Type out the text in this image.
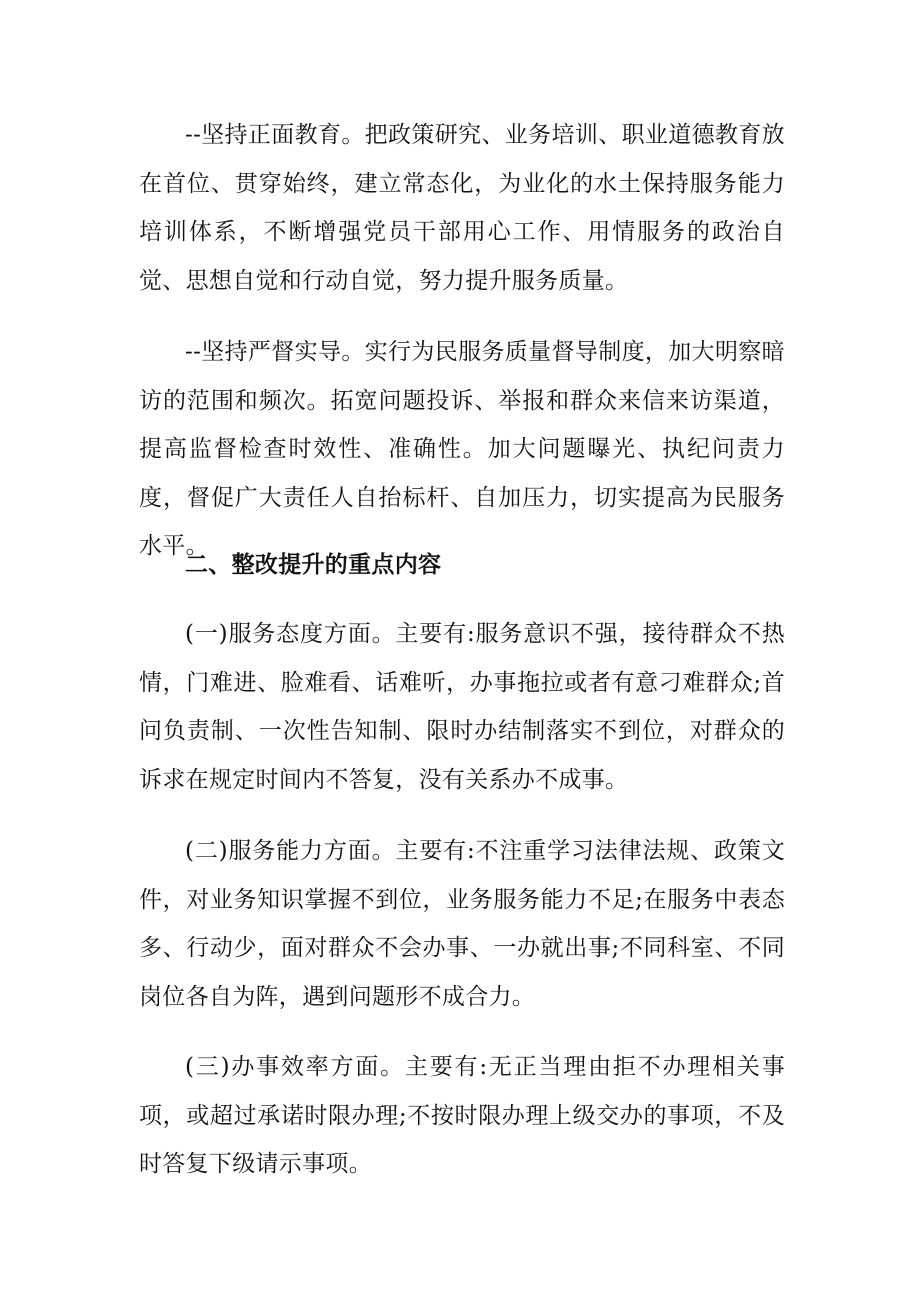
--坚持正面教育。把政策研究、业务培训、职业道德教育放在首位、贯穿始终，建立常态化，为业化的水土保持服务能力培训体系，不断增强党员干部用心工作、用情服务的政治自觉、思想自觉和行动自觉，努力提升服务质量。

--坚持严督实导。实行为民服务质量督导制度，加大明察暗访的范围和频次。拓宽问题投诉、举报和群众来信来访渠道，提高监督检查时效性、准确性。加大问题曝光、执纪问责力度，督促广大责任人自抬标杆、自加压力，切实提高为民服务水平。

二、整改提升的重点内容

(一)服务态度方面。主要有:服务意识不强，接待群众不热情，门难进、脸难看、话难听，办事拖拉或者有意刁难群众;首问负责制、一次性告知制、限时办结制落实不到位，对群众的诉求在规定时间内不答复，没有关系办不成事。

(二)服务能力方面。主要有:不注重学习法律法规、政策文件，对业务知识掌握不到位，业务服务能力不足;在服务中表态多、行动少，面对群众不会办事、一办就出事;不同科室、不同岗位各自为阵，遇到问题形不成合力。

(三)办事效率方面。主要有:无正当理由拒不办理相关事项，或超过承诺时限办理;不按时限办理上级交办的事项，不及时答复下级请示事项。
